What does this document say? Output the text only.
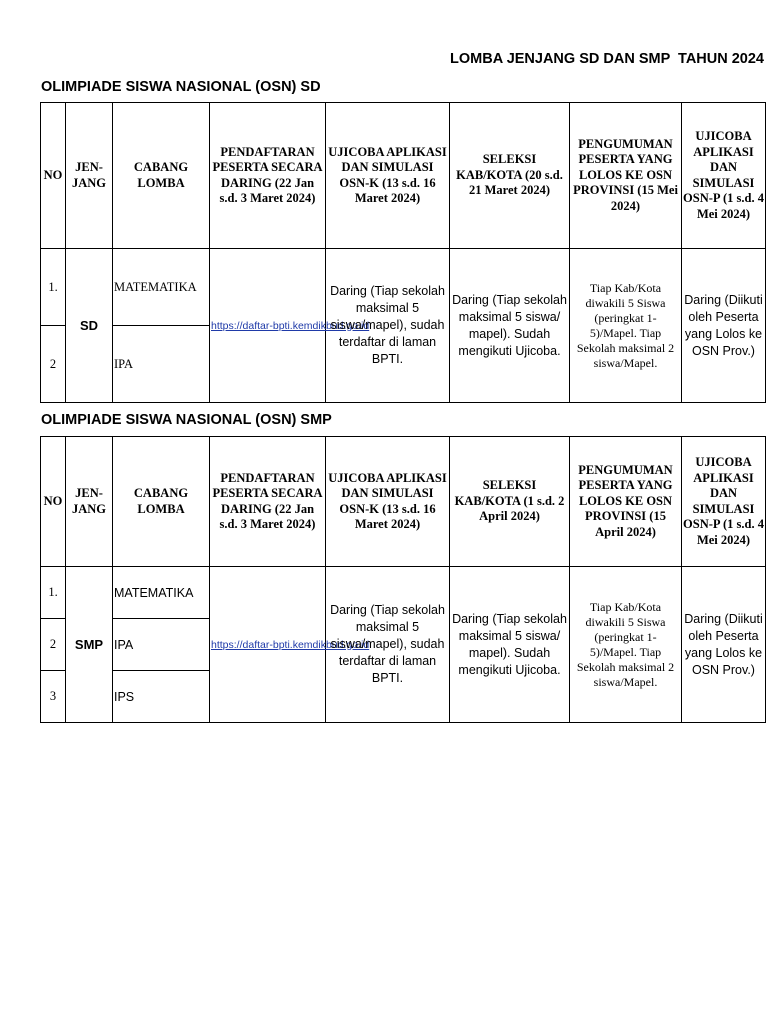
LOMBA JENJANG SD DAN SMP  TAHUN 2024
OLIMPIADE SISWA NASIONAL (OSN) SD
NO	JEN-JANG	CABANG LOMBA	PENDAFTARAN PESERTA SECARA DARING (22 Jan s.d. 3 Maret 2024)	UJICOBA APLIKASI DAN SIMULASI OSN-K (13 s.d. 16 Maret 2024)	SELEKSI KAB/KOTA (20 s.d. 21 Maret 2024)	PENGUMUMAN PESERTA YANG LOLOS KE OSN PROVINSI (15 Mei 2024)	UJICOBA APLIKASI DAN SIMULASI OSN-P (1 s.d. 4 Mei 2024)
1.	SD	MATEMATIKA	https://daftar-bpti.kemdikbud.go.id	Daring (Tiap sekolah maksimal 5 siswa/mapel), sudah terdaftar di laman BPTI.	Daring (Tiap sekolah maksimal 5 siswa/ mapel). Sudah mengikuti Ujicoba.	Tiap Kab/Kota diwakili 5 Siswa (peringkat 1-5)/Mapel. Tiap Sekolah maksimal 2 siswa/Mapel.	Daring (Diikuti oleh Peserta yang Lolos ke OSN Prov.)
2		IPA					
OLIMPIADE SISWA NASIONAL (OSN) SMP
NO	JEN-JANG	CABANG LOMBA	PENDAFTARAN PESERTA SECARA DARING (22 Jan s.d. 3 Maret 2024)	UJICOBA APLIKASI DAN SIMULASI OSN-K (13 s.d. 16 Maret 2024)	SELEKSI KAB/KOTA (1 s.d. 2 April 2024)	PENGUMUMAN PESERTA YANG LOLOS KE OSN PROVINSI (15 April 2024)	UJICOBA APLIKASI DAN SIMULASI OSN-P (1 s.d. 4 Mei 2024)
1.	SMP	MATEMATIKA	https://daftar-bpti.kemdikbud.go.id	Daring (Tiap sekolah maksimal 5 siswa/mapel), sudah terdaftar di laman BPTI.	Daring (Tiap sekolah maksimal 5 siswa/ mapel). Sudah mengikuti Ujicoba.	Tiap Kab/Kota diwakili 5 Siswa (peringkat 1-5)/Mapel. Tiap Sekolah maksimal 2 siswa/Mapel.	Daring (Diikuti oleh Peserta yang Lolos ke OSN Prov.)
2		IPA					
3		IPS					
